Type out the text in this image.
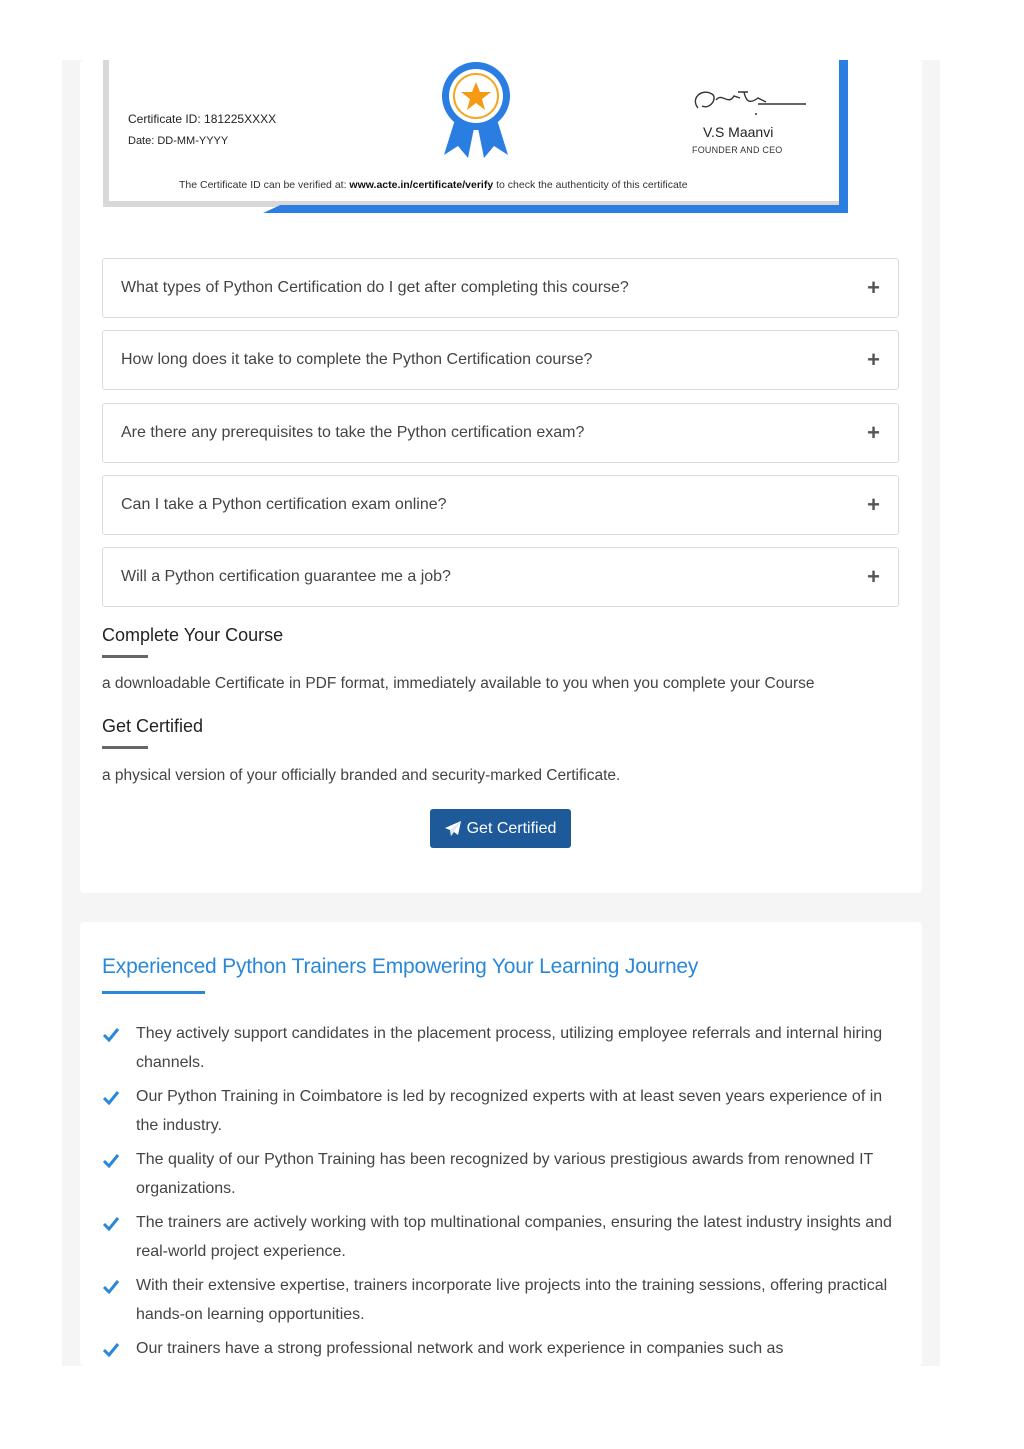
Certificate ID: 181225XXXX
Date: DD-MM-YYYY
V.S Maanvi
FOUNDER AND CEO
The Certificate ID can be verified at: www.acte.in/certificate/verify to check the authenticity of this certificate
What types of Python Certification do I get after completing this course?	+
How long does it take to complete the Python Certification course?	+
Are there any prerequisites to take the Python certification exam?	+
Can I take a Python certification exam online?	+
Will a Python certification guarantee me a job?	+
Complete Your Course
a downloadable Certificate in PDF format, immediately available to you when you complete your Course
Get Certified
a physical version of your officially branded and security-marked Certificate.
Get Certified
Experienced Python Trainers Empowering Your Learning Journey
They actively support candidates in the placement process, utilizing employee referrals and internal hiring channels.
Our Python Training in Coimbatore is led by recognized experts with at least seven years experience of in the industry.
The quality of our Python Training has been recognized by various prestigious awards from renowned IT organizations.
The trainers are actively working with top multinational companies, ensuring the latest industry insights and real-world project experience.
With their extensive expertise, trainers incorporate live projects into the training sessions, offering practical hands-on learning opportunities.
Our trainers have a strong professional network and work experience in companies such as
